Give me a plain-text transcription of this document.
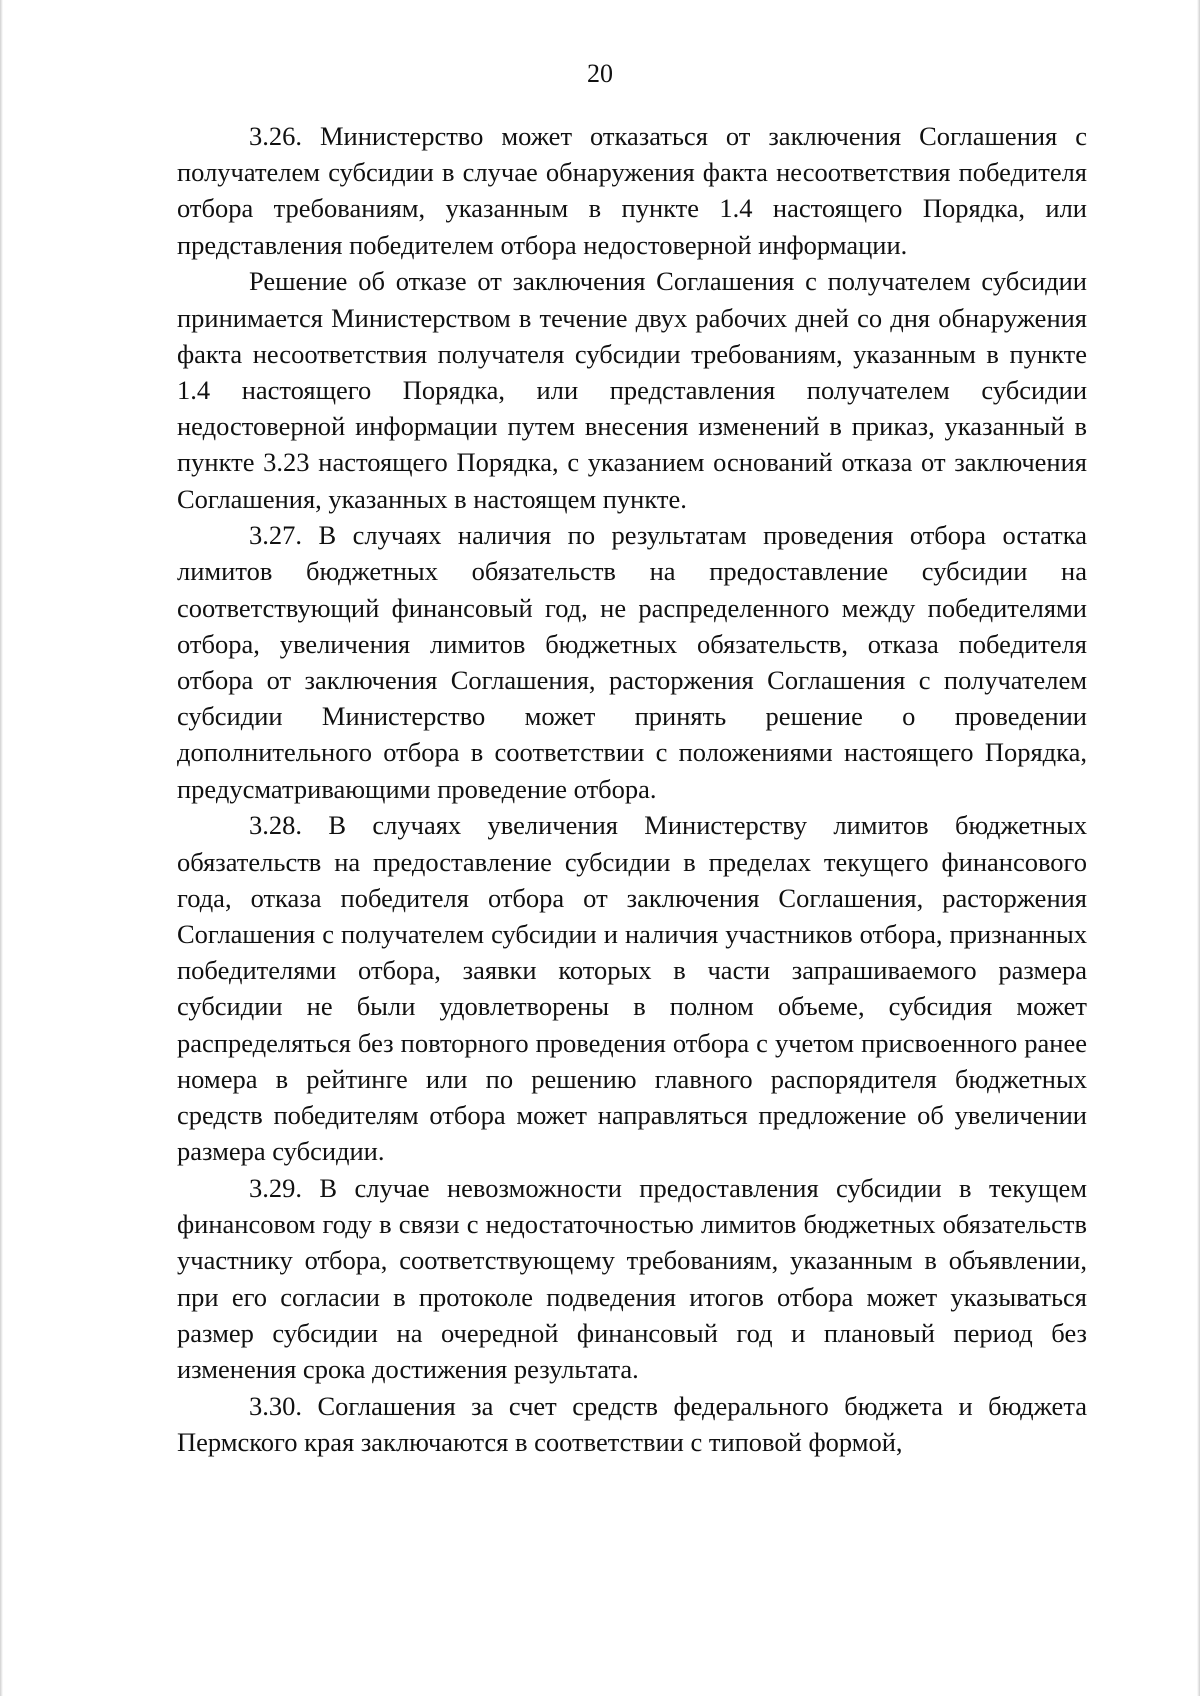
20

3.26. Министерство может отказаться от заключения Соглашения с получателем субсидии в случае обнаружения факта несоответствия победителя отбора требованиям, указанным в пункте 1.4 настоящего Порядка, или представления победителем отбора недостоверной информации.

Решение об отказе от заключения Соглашения с получателем субсидии принимается Министерством в течение двух рабочих дней со дня обнаружения факта несоответствия получателя субсидии требованиям, указанным в пункте 1.4 настоящего Порядка, или представления получателем субсидии недостоверной информации путем внесения изменений в приказ, указанный в пункте 3.23 настоящего Порядка, с указанием оснований отказа от заключения Соглашения, указанных в настоящем пункте.

3.27. В случаях наличия по результатам проведения отбора остатка лимитов бюджетных обязательств на предоставление субсидии на соответствующий финансовый год, не распределенного между победителями отбора, увеличения лимитов бюджетных обязательств, отказа победителя отбора от заключения Соглашения, расторжения Соглашения с получателем субсидии Министерство может принять решение о проведении дополнительного отбора в соответствии с положениями настоящего Порядка, предусматривающими проведение отбора.

3.28. В случаях увеличения Министерству лимитов бюджетных обязательств на предоставление субсидии в пределах текущего финансового года, отказа победителя отбора от заключения Соглашения, расторжения Соглашения с получателем субсидии и наличия участников отбора, признанных победителями отбора, заявки которых в части запрашиваемого размера субсидии не были удовлетворены в полном объеме, субсидия может распределяться без повторного проведения отбора с учетом присвоенного ранее номера в рейтинге или по решению главного распорядителя бюджетных средств победителям отбора может направляться предложение об увеличении размера субсидии.

3.29. В случае невозможности предоставления субсидии в текущем финансовом году в связи с недостаточностью лимитов бюджетных обязательств участнику отбора, соответствующему требованиям, указанным в объявлении, при его согласии в протоколе подведения итогов отбора может указываться размер субсидии на очередной финансовый год и плановый период без изменения срока достижения результата.

3.30. Соглашения за счет средств федерального бюджета и бюджета Пермского края заключаются в соответствии с типовой формой,
